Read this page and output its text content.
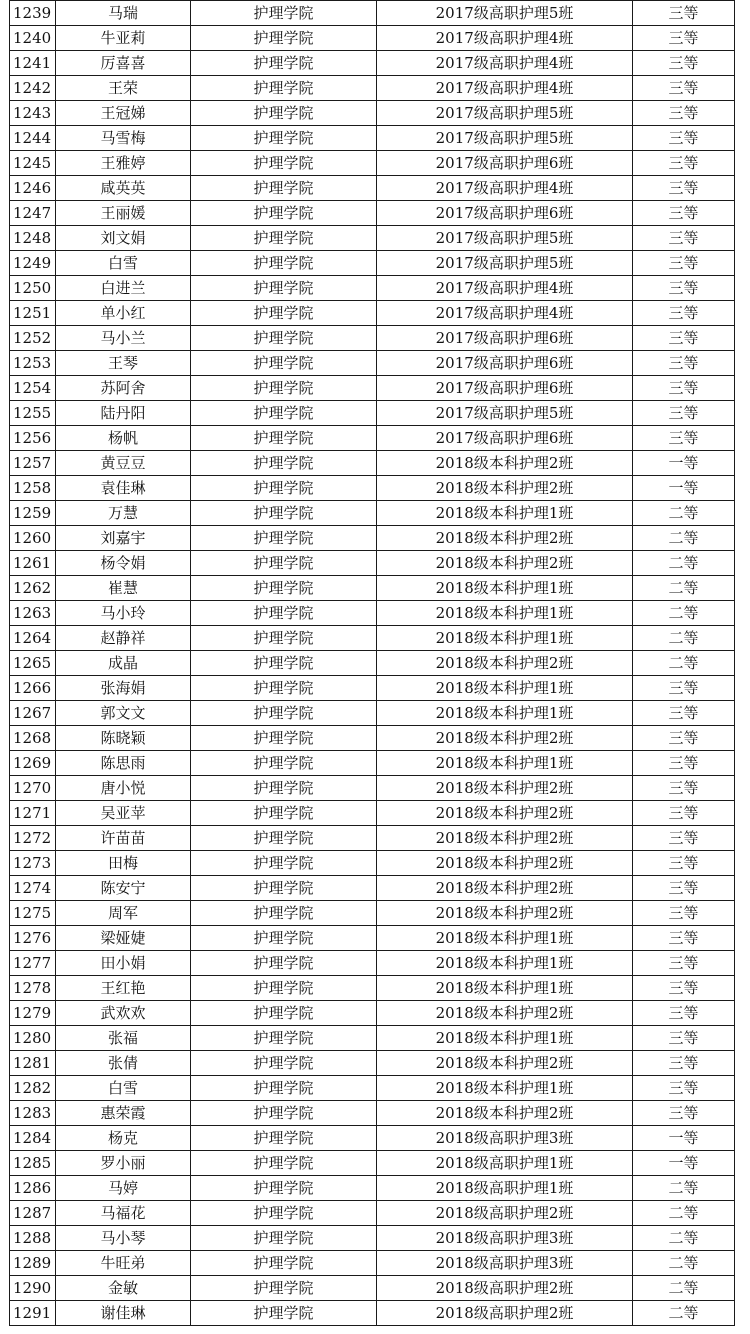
1239	马瑞	护理学院	2017级高职护理5班	三等
1240	牛亚莉	护理学院	2017级高职护理4班	三等
1241	厉喜喜	护理学院	2017级高职护理4班	三等
1242	王荣	护理学院	2017级高职护理4班	三等
1243	王冠娣	护理学院	2017级高职护理5班	三等
1244	马雪梅	护理学院	2017级高职护理5班	三等
1245	王雅婷	护理学院	2017级高职护理6班	三等
1246	咸英英	护理学院	2017级高职护理4班	三等
1247	王丽媛	护理学院	2017级高职护理6班	三等
1248	刘文娟	护理学院	2017级高职护理5班	三等
1249	白雪	护理学院	2017级高职护理5班	三等
1250	白进兰	护理学院	2017级高职护理4班	三等
1251	单小红	护理学院	2017级高职护理4班	三等
1252	马小兰	护理学院	2017级高职护理6班	三等
1253	王琴	护理学院	2017级高职护理6班	三等
1254	苏阿舍	护理学院	2017级高职护理6班	三等
1255	陆丹阳	护理学院	2017级高职护理5班	三等
1256	杨帆	护理学院	2017级高职护理6班	三等
1257	黄豆豆	护理学院	2018级本科护理2班	一等
1258	袁佳琳	护理学院	2018级本科护理2班	一等
1259	万慧	护理学院	2018级本科护理1班	二等
1260	刘嘉宇	护理学院	2018级本科护理2班	二等
1261	杨令娟	护理学院	2018级本科护理2班	二等
1262	崔慧	护理学院	2018级本科护理1班	二等
1263	马小玲	护理学院	2018级本科护理1班	二等
1264	赵静祥	护理学院	2018级本科护理1班	二等
1265	成晶	护理学院	2018级本科护理2班	二等
1266	张海娟	护理学院	2018级本科护理1班	三等
1267	郭文文	护理学院	2018级本科护理1班	三等
1268	陈晓颖	护理学院	2018级本科护理2班	三等
1269	陈思雨	护理学院	2018级本科护理1班	三等
1270	唐小悦	护理学院	2018级本科护理2班	三等
1271	吴亚苹	护理学院	2018级本科护理2班	三等
1272	许苗苗	护理学院	2018级本科护理2班	三等
1273	田梅	护理学院	2018级本科护理2班	三等
1274	陈安宁	护理学院	2018级本科护理2班	三等
1275	周军	护理学院	2018级本科护理2班	三等
1276	梁娅婕	护理学院	2018级本科护理1班	三等
1277	田小娟	护理学院	2018级本科护理1班	三等
1278	王红艳	护理学院	2018级本科护理1班	三等
1279	武欢欢	护理学院	2018级本科护理2班	三等
1280	张福	护理学院	2018级本科护理1班	三等
1281	张倩	护理学院	2018级本科护理2班	三等
1282	白雪	护理学院	2018级本科护理1班	三等
1283	惠荣霞	护理学院	2018级本科护理2班	三等
1284	杨克	护理学院	2018级高职护理3班	一等
1285	罗小丽	护理学院	2018级高职护理1班	一等
1286	马婷	护理学院	2018级高职护理1班	二等
1287	马福花	护理学院	2018级高职护理2班	二等
1288	马小琴	护理学院	2018级高职护理3班	二等
1289	牛旺弟	护理学院	2018级高职护理3班	二等
1290	金敏	护理学院	2018级高职护理2班	二等
1291	谢佳琳	护理学院	2018级高职护理2班	二等
